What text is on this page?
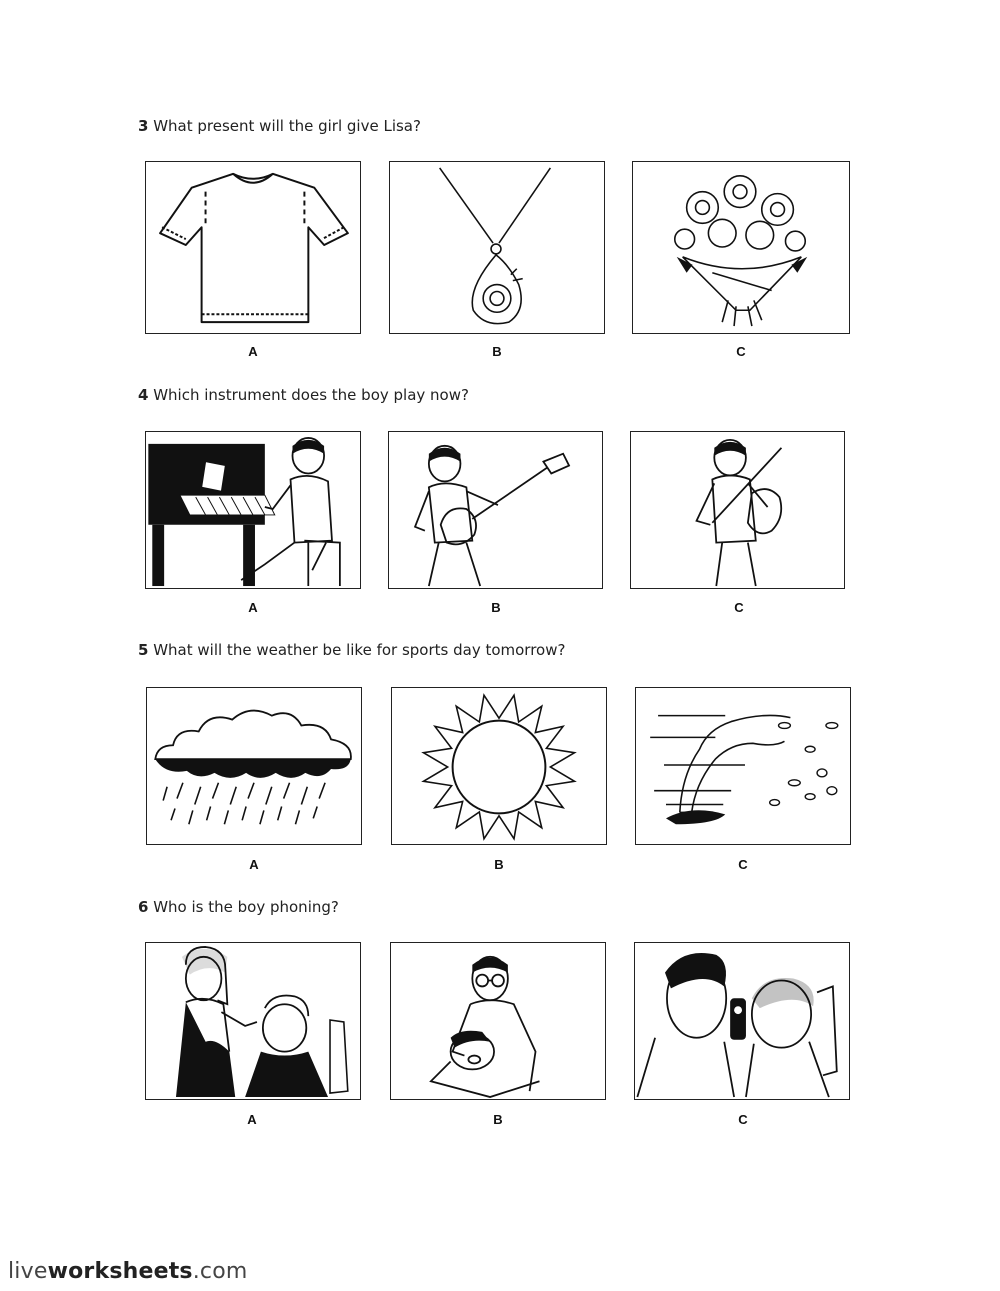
3 What present will the girl give Lisa?
A	B	C
4 Which instrument does the boy play now?
A	B	C
5 What will the weather be like for sports day tomorrow?
A	B	C
6 Who is the boy phoning?
A	B	C
liveworksheets.com
